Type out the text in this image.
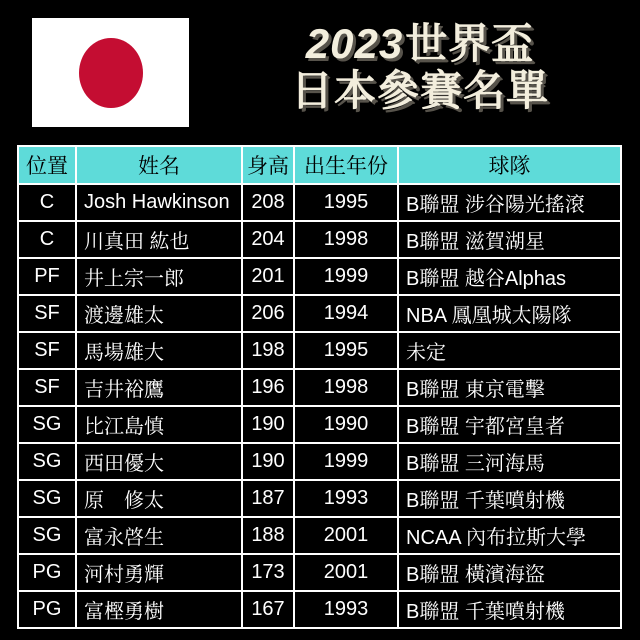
2023世界盃
日本參賽名單
位置	姓名	身高	出生年份	球隊
C	Josh Hawkinson	208	1995	B聯盟 涉谷陽光搖滾
C	川真田 紘也	204	1998	B聯盟 滋賀湖星
PF	井上宗一郎	201	1999	B聯盟 越谷Alphas
SF	渡邊雄太	206	1994	NBA 鳳凰城太陽隊
SF	馬場雄大	198	1995	未定
SF	吉井裕鷹	196	1998	B聯盟 東京電擊
SG	比江島慎	190	1990	B聯盟 宇都宮皇者
SG	西田優大	190	1999	B聯盟 三河海馬
SG	原　修太	187	1993	B聯盟 千葉噴射機
SG	富永啓生	188	2001	NCAA 內布拉斯大學
PG	河村勇輝	173	2001	B聯盟 橫濱海盜
PG	富樫勇樹	167	1993	B聯盟 千葉噴射機
